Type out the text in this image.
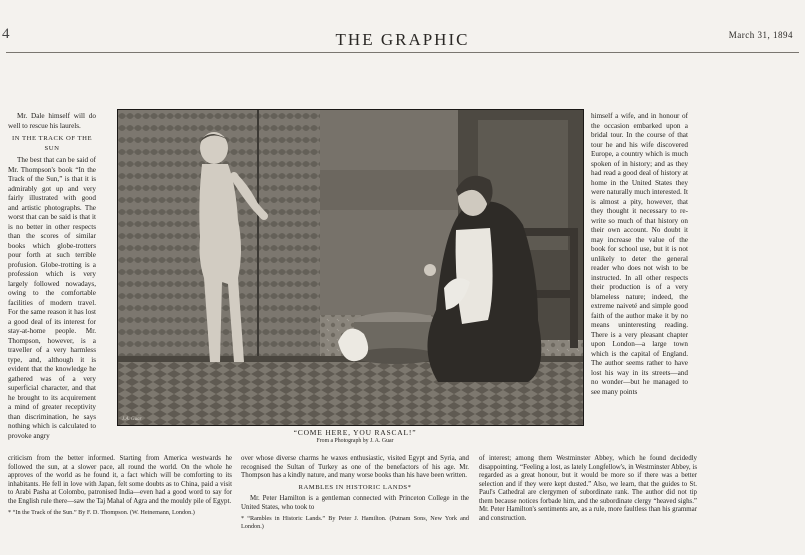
4	THE GRAPHIC	March 31, 1894

Mr. Dale himself will do well to rescue his laurels.

IN THE TRACK OF THE SUN

The best that can be said of Mr. Thompson's book “In the Track of the Sun,” is that it is admirably got up and very fairly illustrated with good and artistic photographs. The worst that can be said is that it is no better in other respects than the scores of similar books which globe-trotters pour forth at such terrible profusion. Globe-trotting is a profession which is very largely followed nowadays, owing to the comfortable facilities of modern travel. For the same reason it has lost a good deal of its interest for stay-at-home people. Mr. Thompson, however, is a traveller of a very harmless type, and, although it is evident that the knowledge he gathered was of a very superficial character, and that he brought to its acquirement a mind of greater receptivity than discrimination, he says nothing which is calculated to provoke angry

J.A. Guar
“COME HERE, YOU RASCAL!”
From a Photograph by J. A. Guar

himself a wife, and in honour of the occasion embarked upon a bridal tour. In the course of that tour he and his wife discovered Europe, a country which is much spoken of in history; and as they had read a good deal of history at home in the United States they were naturally much interested. It is almost a pity, however, that they thought it necessary to re-write so much of that history on their own account. No doubt it may increase the value of the book for school use, but it is not unlikely to deter the general reader who does not wish to be instructed. In all other respects their production is of a very blameless nature; indeed, the extreme naiveté and simple good faith of the author make it by no means uninteresting reading. There is a very pleasant chapter upon London—a large town which is the capital of England. The author seems rather to have lost his way in its streets—and no wonder—but he managed to see many points

criticism from the better informed. Starting from America westwards he followed the sun, at a slower pace, all round the world. On the whole he approves of the world as he found it, a fact which will be comforting to its inhabitants. He fell in love with Japan, felt some doubts as to China, paid a visit to Arabi Pasha at Colombo, patronised India—even had a good word to say for the English rule there—saw the Taj Mahal of Agra and the mouldy pile of Egypt.

* “In the Track of the Sun.” By F. D. Thompson. (W. Heinemann, London.)

over whose diverse charms he waxes enthusiastic, visited Egypt and Syria, and recognised the Sultan of Turkey as one of the benefactors of his age. Mr. Thompson has a kindly nature, and many worse books than his have been written.

RAMBLES IN HISTORIC LANDS*

Mr. Peter Hamilton is a gentleman connected with Princeton College in the United States, who took to

* “Rambles in Historic Lands.” By Peter J. Hamilton. (Putnam Sons, New York and London.)

of interest; among them Westminster Abbey, which he found decidedly disappointing. “Feeling a lost, as lately Longfellow's, in Westminster Abbey, is regarded as a great honour, but it would be more so if there was a better selection and if they were kept dusted.” Also, we learn, that the guides to St. Paul's Cathedral are clergymen of subordinate rank. The author did not tip them because notices forbade him, and the subordinate clergy “heaved sighs.” Mr. Peter Hamilton's sentiments are, as a rule, more faultless than his grammar and construction.
